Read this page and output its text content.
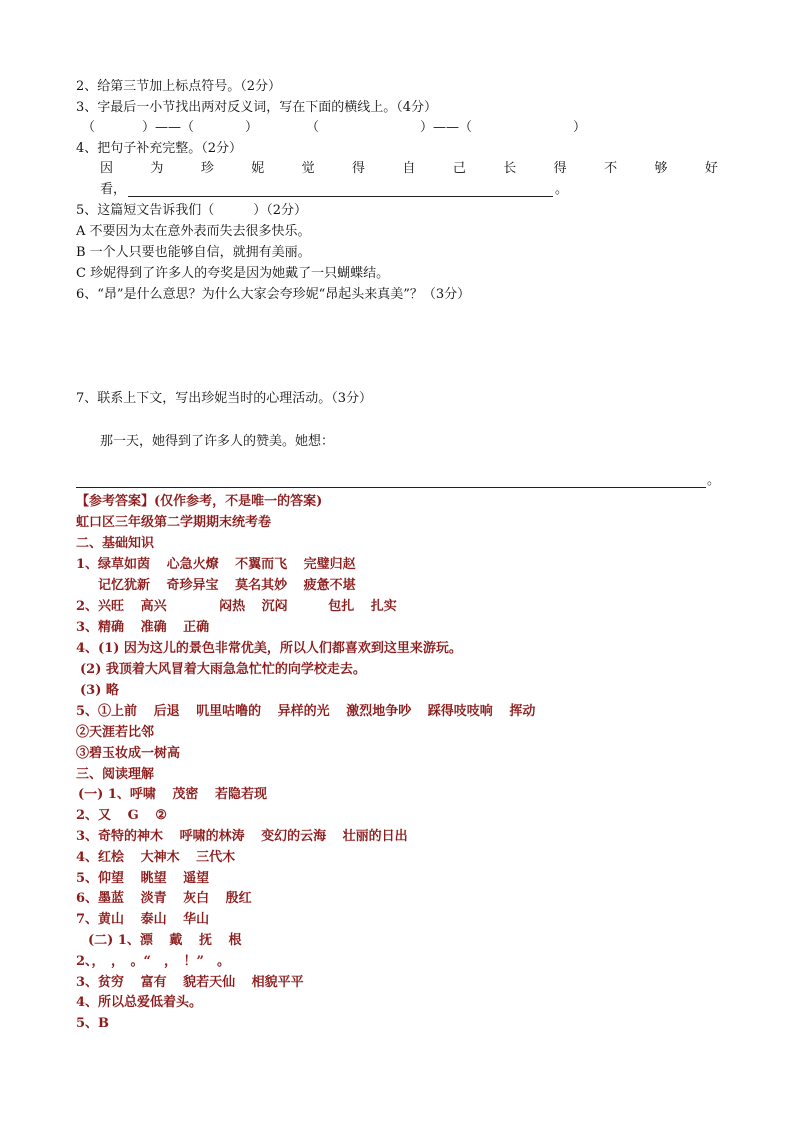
2、给第三节加上标点符号。（2分）
3、字最后一小节找出两对反义词，写在下面的横线上。（4分）
（	）——（	）	（	）——（	）
4、把句子补充完整。（2分）
因	为	珍	妮	觉	得	自	己	长	得	不	够	好
看，	。
5、这篇短文告诉我们（　　　）（2分）
A 不要因为太在意外表而失去很多快乐。
B 一个人只要也能够自信，就拥有美丽。
C 珍妮得到了许多人的夸奖是因为她戴了一只蝴蝶结。
6、“昂”是什么意思？为什么大家会夸珍妮“昂起头来真美”？（3分）
7、联系上下文，写出珍妮当时的心理活动。（3分）
那一天，她得到了许多人的赞美。她想：
。
【参考答案】(仅作参考，不是唯一的答案)
虹口区三年级第二学期期末统考卷
二、基础知识
1、绿草如茵 心急火燎 不翼而飞 完璧归赵
记忆犹新 奇珍异宝 莫名其妙 疲惫不堪
2、兴旺 高兴	闷热 沉闷	包扎 扎实
3、精确 准确 正确
4、(1) 因为这儿的景色非常优美，所以人们都喜欢到这里来游玩。
(2) 我顶着大风冒着大雨急急忙忙的向学校走去。
(3) 略
5、①上前 后退 叽里咕噜的 异样的光 激烈地争吵 踩得吱吱响 挥动
②天涯若比邻
③碧玉妆成一树高
三、阅读理解
(一) 1、呼啸 茂密 若隐若现
2、又 G ②
3、奇特的神木 呼啸的林涛 变幻的云海 壮丽的日出
4、红桧 大神木 三代木
5、仰望 眺望 遥望
6、墨蓝 淡青 灰白 殷红
7、黄山 泰山 华山
(二) 1、漂 戴 抚 根
2、，　，　。“　，　！”　。
3、贫穷 富有 貌若天仙 相貌平平
4、所以总爱低着头。
5、B
